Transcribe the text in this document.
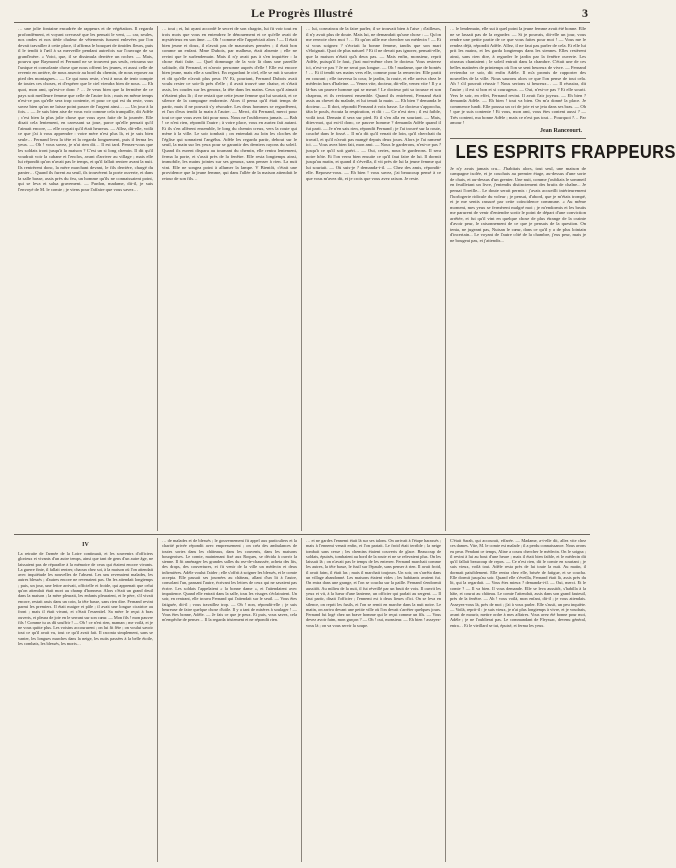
Le Progrès Illustré	3
… une jolie fontaine encadrée de rappeurs et de végétation. Il regarda profondément, et voyant crevassé que les pensait le vent, — car, seules, nos ondes et nos tiède chaleur de vêtements fussent enlevées par l'on devait travailler à cette place, il affirma le bouquet de timides fleurs, puis il le tendit à l'œil à sa merveille pendant autrefois sur l'ouvrage de sa grand'mère. « Voici, que, il se dissimula derrière un rocher. — Mais, pourvu que Raymond et Fernand ne se trouvent pas seuls, retourna sur l'unique et consolante chose que nous offrent les jeunes, et aussi celle de revenir en arrière, de nous asseoir au bord du chemin, de nous reposer au pied des montagnes... — Ce qui nous reste, c'est à nous de tenir compte de toutes ces choses, et d'espérer que le ciel viendra bien de nous. — Eh quoi, mon ami, qu'est-ce donc ? … Je veux bien que la fermière de ce pays soit meilleure femme que celle de l'autre fois ; mais en même temps n'est-ce pas qu'elle sera trop contente, et pour ce qui est du reste, vous savez bien qu'on ne laisse point passer de l'argent ainsi… — Un jour à la fois… — Je suis bien aise de vous voir comme cela tranquille, dit Adèle ; c'est bien la plus jolie chose que vous ayez faite de la journée. Elle disait cela lentement, en caressant sa joue, parce qu'elle pensait qu'il l'aimait encore, — elle croyait qu'il était heureux. — Allez, dit-elle, voilà ce que j'ai à vous apprendre : votre mère n'est plus là, et je suis bien seule… Fernand leva la tête et la regarda longuement, puis il ferma les yeux. — Oh ! vous savez, je n'ai rien dit… Il est tard. Pensez-vous que les soldats iront jusqu'à la maison ? C'est un si long chemin. Il dit qu'il voudrait voir la cabane et l'enclos, avant d'arriver au village ; mais elle lui répondit qu'on n'avait pas le temps, et qu'il fallait rentrer avant la nuit. Ils rentrèrent donc, la mère marchant devant, le fils derrière, chargé du panier… Quand ils furent au seuil, ils trouvèrent la porte ouverte, et dans la salle basse, assis près du feu, un homme qu'ils ne connaissaient point, qui se leva et salua gravement. — Pardon, madame, dit-il, je suis l'envoyé de M. le comte ; je viens pour l'affaire que vous savez…
… tout ; et, lui ayant accordé le secret de son chagrin, lui fit voir tout en trois mots que vous en entendrez le dénouement et ce qu'elle avait de mystérieux en son âme. — Oh ! comme elle l'appréciait alors ! — Il était bien jeune et doux, il n'avait pas de mauvaises pensées ; il était bon comme un enfant. Mme Dubois, par malheur, était absente ; elle ne revint que le surlendemain. Mais il n'y avait pas à s'en inquiéter : la chose était faite. — Quel dommage de la voir là dans une pareille solitude, dit Fernand, et n'avoir personne auprès d'elle ! Elle est encore bien jeune, mais elle a souffert. En regardant le ciel, elle se mit à sourire et dit qu'elle n'avait plus peur. IV Et, pourtant, Fernand Dubois avait voulu rester ce soir-là près d'elle ; il avait trouvé une chaise, et s'était assis, les coudes sur les genoux, la tête dans les mains. Ceux qu'il aimait n'étaient plus là ; il ne restait que cette jeune femme qui lui souriait, et ce silence de la campagne endormie. Alors il pensa qu'il était temps de partir, mais il ne pouvait s'y résoudre. Les deux hommes se regardèrent, et l'un d'eux tendit la main à l'autre. — Merci, dit Fernand, merci pour tout ce que vous avez fait pour nous. Nous ne l'oublierons jamais. — Bah ! ce n'est rien, répondit l'autre ; à votre place, vous en auriez fait autant. Et ils s'en allèrent ensemble, le long du chemin creux, vers la route qui mène à la ville. Le soir tombait ; on entendait au loin les cloches de l'église qui sonnaient l'angélus. Adèle les regarda partir, debout sur le seuil, la main sur les yeux pour se garantir des derniers rayons du soleil. Quand ils eurent disparu au tournant du chemin, elle rentra lentement, ferma la porte, et s'assit près de la fenêtre. Elle resta longtemps ainsi, immobile, les mains jointes sur ses genoux, sans penser à rien. La nuit vint. Elle ne songea point à allumer la lampe. V Bientôt, c'était une providence que la jeune femme, qui dans l'allée de la maison attendait le retour de son fils…
… lui, convaincu de la faire parler, il se trouvait bien à l'aise ; d'ailleurs, il n'y avait plus de doute. Mais lui, ne demandait qu'une chose : — Qu'on me renvoie chez moi ! … Et qu'on aille me chercher un médecin ! — Et si vous soignez ? s'écriait la bonne femme, tandis que son mari s'éloignait. Quoi de plus naturel ? Et il ne devait pas ignorer, pensait-elle, que la maison n'était qu'à deux pas. — Mais enfin, monsieur, reprit Adèle, puisqu'il le faut, j'irai moi-même chez le docteur. Vous resterez ici, n'est-ce pas ? Je ne serai pas longue. — Oh ! madame, que de bontés ! … Et il tendit ses mains vers elle, comme pour la remercier. Elle partit en courant ; elle traversa la cour, le jardin, la route, et elle arriva chez le médecin hors d'haleine. — Venez vite, docteur, dit-elle, venez vite ! Il y a là-bas un pauvre homme qui se meurt ! Le docteur prit sa trousse et son chapeau, et ils revinrent ensemble. Quand ils entrèrent, Fernand était assis au chevet du malade, et lui tenait la main. — Eh bien ? demanda le docteur. — Il dort, répondit Fernand à voix basse. Le docteur s'approcha, tâta le pouls, écouta la respiration, et dit : — Ce n'est rien ; il est faible, voilà tout. Demain il sera sur pied. Et il s'en alla en souriant. — Mais, dites-moi, qui est-il donc, ce pauvre homme ? demanda Adèle quand il fut parti. — Je n'en sais rien, répondit Fernand ; je l'ai trouvé sur la route, couché dans le fossé… Il m'a dit qu'il venait de loin, qu'il cherchait du travail, et qu'il n'avait pas mangé depuis deux jours. Alors je l'ai ramené ici. — Vous avez bien fait, mon ami. — Nous le garderons, n'est-ce pas ? jusqu'à ce qu'il soit guéri… — Oui, certes, nous le garderons. Il sera notre hôte. Et l'on verra bien ensuite ce qu'il faut faire de lui. Il dormit jusqu'au matin, et quand il s'éveilla, il vit près de lui la jeune femme qui lui souriait. — Où suis-je ? demanda-t-il. — Chez des amis, répondit-elle. Reposez-vous. — Eh bien ! vous savez, j'ai beaucoup pensé à ce que vous m'avez dit, et je crois que vous avez raison. Je reste.
… le lendemain, elle sut à quel point la jeune femme avait été bonne. Elle ne se lassait pas de la regarder. — Si je pouvais, dit-elle un jour, vous rendre une petite partie de ce que vous faites pour moi ! — Vous me le rendez déjà, répondit Adèle. Allez, il ne faut pas parler de cela. Et elle lui prit les mains, et les garda longtemps dans les siennes. Elles restèrent ainsi, sans rien dire, à regarder le jardin par la fenêtre ouverte. Les oiseaux chantaient ; le soleil entrait dans la chambre. C'était une de ces belles matinées de printemps où l'on se sent heureux de vivre. — Fernand reviendra ce soir, dit enfin Adèle. Il m'a promis de rapporter des nouvelles de la ville. Nous saurons alors ce que l'on pense de tout cela. Ah ! s'il pouvait réussir ! Nous serions si heureux… — Il réussira, dit l'autre ; il est si bon et si courageux. — Oui, n'est-ce pas ? Et elle sourit. Vers le soir, en effet, Fernand revint. Il avait l'air joyeux. — Eh bien ? demanda Adèle. — Eh bien ! tout va bien. On m'a donné la place. Je commence lundi. Elle poussa un cri de joie et se jeta dans ses bras. — Oh ! que je suis contente ! Et vous, mon ami, vous êtes content aussi ? — Très content, ma bonne Adèle ; mais ce n'est pas tout… Pourquoi ?… Par amour !
Jean Ranceourt.
LES ESPRITS FRAPPEURS
Je n'y avais jamais cru... J'habitais alors, tout seul, une maison de campagne isolée, et je couchais au premier étage, au-dessus d'une sorte de chais, et au-dessus d'un grenier. Une nuit, comme j'oubliais le sommeil en feuilletant un livre, j'entendis distinctement des bruits de chaîne... Je pensai l'oreille... Le doute serait permis : j'avais accueilli intérieurement l'horlogerie ridicule du voleur ; je pensai, d'abord, que je m'étais trompé, et je me sentis rassuré par cette coïncidence commune. « Au même moment, mes yeux se fermèrent malgré moi ; je m'endormis et les bruits me parurent de venir d'entendre sortir le point de départ d'une conviction arrêtée, et fut qu'il vint en quelque chose de plus étrange de la crainte d'avoir peur, le raisonnement de ce que je pensais de la question. On tenta, ne jugeant pas, Nuisan le cœur, dans ce qu'il y a de plus lointain d'incertain... Le voyant de l'autre côté de la chambre, j'eus peur, mais je ne bougeai pas, et j'attendis...
IV
La retraite de l'armée de la Loire continuait, et les souvenirs d'officiers glorieux et vivants d'un autre temps, ainsi que tant de gens d'un autre âge, ne laissaient pas de réparaître à la mémoire de ceux qui étaient encore vivants. La guerre finie, il fallait rentrer, chacun chez soi, à la maison où l'on attendait avec inquiétude les nouvelles de l'absent. Les uns revenaient malades, les autres blessés ; d'autres encore ne revenaient pas. On les attendait longtemps ; puis, un jour, une lettre arrivait, officielle et froide, qui apprenait que celui qu'on attendait était mort au champ d'honneur. Alors c'était un grand deuil dans la maison ; la mère pleurait, les enfants pleuraient, et le père, s'il vivait encore, restait assis dans un coin, la tête basse, sans rien dire. Fernand revint parmi les premiers. Il était maigre et pâle ; il avait une longue cicatrice au front ; mais il était vivant, et c'était l'essentiel. Sa mère le reçut à bras ouverts, et pleura de joie en le serrant sur son cœur. — Mon fils ! mon pauvre fils ! Comme tu as dû souffrir ! — Oh ! ce n'est rien, maman ; me voilà, et je ne vous quitte plus. Les voisins accoururent ; on lui fit fête ; on voulut savoir tout ce qu'il avait vu, tout ce qu'il avait fait. Il raconta simplement, sans se vanter, les longues marches dans la neige, les nuits passées à la belle étoile, les combats, les blessés, les morts…
… de malades et de blessés ; le gouvernement fit appel aux particuliers et la charité privée répondit avec empressement ; on créa des ambulances de toutes sortes dans les châteaux, dans les couvents, dans les maisons bourgeoises. Le comte, maintenant fixé aux Roques, se décida à ouvrir la sienne. Il fit aménager les grandes salles du rez-de-chaussée, acheta des lits, des draps, des couvertures, et fit venir de la ville un médecin et deux infirmières. Adèle voulut l'aider ; elle s'offrit à soigner les blessés, et le comte accepta. Elle passait ses journées au château, allant d'un lit à l'autre, consolant l'un, pansant l'autre, écrivant les lettres de ceux qui ne savaient pas écrire. Les soldats l'appelaient « la bonne dame », et l'attendaient avec impatience. Quand elle entrait dans la salle, tous les visages s'éclairaient. Un soir, en rentrant, elle trouva Fernand qui l'attendait sur le seuil. — Vous êtes fatiguée, dit-il ; vous travaillez trop. — Oh ! non, répondit-elle ; je suis heureuse de faire quelque chose d'utile. Il y a tant de misères à soulager ! — Vous êtes bonne, Adèle. — Je fais ce que je peux. Et puis, vous savez, cela m'empêche de penser… Il la regarda tristement et ne répondit rien.
… et ne gardes l'ennemi était là sur ses talons. On arrivait à l'étape harassés ; mais à l'ennemi venait enfin, et l'on partait. Le froid était terrible ; la neige tombait sans cesse ; les chemins étaient couverts de glace. Beaucoup de soldats, épuisés, tombaient au bord de la route et ne se relevaient plus. On les laissait là ; on n'avait pas le temps de les enterrer. Fernand marchait comme les autres, la tête basse, le fusil sur l'épaule, sans penser à rien. Il avait froid, il avait faim, il était las ; mais il marchait toujours. Un soir, on s'arrêta dans un village abandonné. Les maisons étaient vides ; les habitants avaient fui. On entra dans une grange, et l'on se coucha sur la paille. Fernand s'endormit aussitôt. Au milieu de la nuit, il fut réveillé par un bruit de voix. Il ouvrit les yeux et vit, à la lueur d'une lanterne, un officier qui parlait au sergent. — Il faut partir, disait l'officier ; l'ennemi est à deux lieues d'ici. On se leva en silence, on reprit les fusils, et l'on se remit en marche dans la nuit noire. Le matin, on arriva devant une petite ville où l'on devait s'arrêter quelques jours. Fernand fut logé chez un brave homme qui le reçut comme un fils. — Vous devez avoir faim, mon garçon ? — Oh ! oui, monsieur. — Eh bien ! asseyez-vous là ; on va vous servir la soupe.
C'était Sarah, qui accourait, effarée. — Madame, a-t-elle dit, allez vite chez ces dames. Vite, M. le comte est malade ; il a perdu connaissance. Nous avons eu peur. Pendant ce temps, Aline a couru chercher le médecin. On le soigna ; il revint à lui au bout d'une heure ; mais il était bien faible, et le médecin dit qu'il fallait beaucoup de repos. — Ce n'est rien, dit le comte en souriant ; je suis vieux, voilà tout. Adèle resta près de lui toute la nuit. Au matin, il dormait paisiblement. Elle rentra chez elle, brisée de fatigue, et se coucha. Elle dormit jusqu'au soir. Quand elle s'éveilla, Fernand était là, assis près du lit, qui la regardait. — Vous êtes mieux ? demanda-t-il. — Oui, merci. Et le comte ? — Il va bien. Il vous demande. Elle se leva aussitôt, s'habilla à la hâte, et courut au château. Le comte l'attendait, assis dans son grand fauteuil, près de la fenêtre. — Ah ! vous voilà, mon enfant, dit-il ; je vous attendais. Asseyez-vous là, près de moi ; j'ai à vous parler. Elle s'assit, un peu inquiète. — Voilà, reprit-il : je suis vieux, je n'ai plus longtemps à vivre, et je voudrais, avant de mourir, mettre ordre à mes affaires. Vous avez été bonne pour moi, Adèle ; je ne l'oublierai pas. Le commandant de Fleyssac, devenu général, entra… Et le vieillard se tut, épuisé, et ferma les yeux.
